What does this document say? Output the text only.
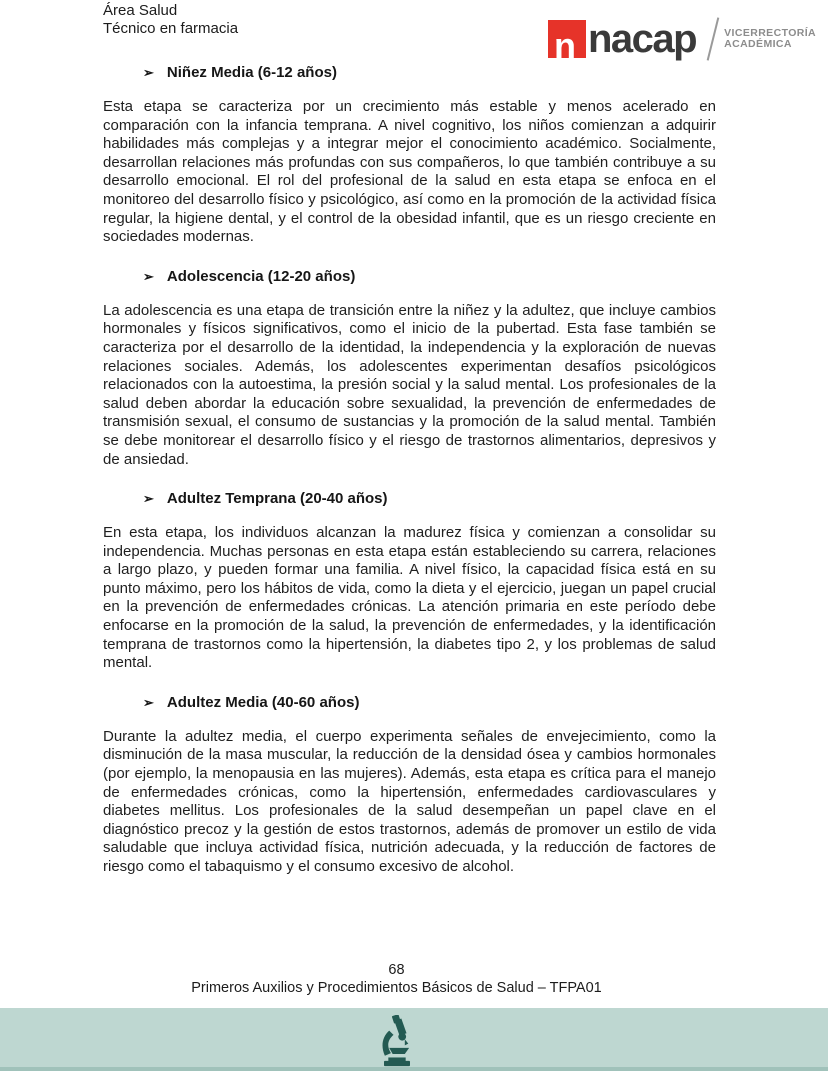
Área Salud
Técnico en farmacia	n nacap	VICERRECTORÍA
ACADÉMICA
➢ Niñez Media (6-12 años)

Esta etapa se caracteriza por un crecimiento más estable y menos acelerado en comparación con la infancia temprana. A nivel cognitivo, los niños comienzan a adquirir habilidades más complejas y a integrar mejor el conocimiento académico. Socialmente, desarrollan relaciones más profundas con sus compañeros, lo que también contribuye a su desarrollo emocional. El rol del profesional de la salud en esta etapa se enfoca en el monitoreo del desarrollo físico y psicológico, así como en la promoción de la actividad física regular, la higiene dental, y el control de la obesidad infantil, que es un riesgo creciente en sociedades modernas.

➢ Adolescencia (12-20 años)

La adolescencia es una etapa de transición entre la niñez y la adultez, que incluye cambios hormonales y físicos significativos, como el inicio de la pubertad. Esta fase también se caracteriza por el desarrollo de la identidad, la independencia y la exploración de nuevas relaciones sociales. Además, los adolescentes experimentan desafíos psicológicos relacionados con la autoestima, la presión social y la salud mental. Los profesionales de la salud deben abordar la educación sobre sexualidad, la prevención de enfermedades de transmisión sexual, el consumo de sustancias y la promoción de la salud mental. También se debe monitorear el desarrollo físico y el riesgo de trastornos alimentarios, depresivos y de ansiedad.

➢ Adultez Temprana (20-40 años)

En esta etapa, los individuos alcanzan la madurez física y comienzan a consolidar su independencia. Muchas personas en esta etapa están estableciendo su carrera, relaciones a largo plazo, y pueden formar una familia. A nivel físico, la capacidad física está en su punto máximo, pero los hábitos de vida, como la dieta y el ejercicio, juegan un papel crucial en la prevención de enfermedades crónicas. La atención primaria en este período debe enfocarse en la promoción de la salud, la prevención de enfermedades, y la identificación temprana de trastornos como la hipertensión, la diabetes tipo 2, y los problemas de salud mental.

➢ Adultez Media (40-60 años)

Durante la adultez media, el cuerpo experimenta señales de envejecimiento, como la disminución de la masa muscular, la reducción de la densidad ósea y cambios hormonales (por ejemplo, la menopausia en las mujeres). Además, esta etapa es crítica para el manejo de enfermedades crónicas, como la hipertensión, enfermedades cardiovasculares y diabetes mellitus. Los profesionales de la salud desempeñan un papel clave en el diagnóstico precoz y la gestión de estos trastornos, además de promover un estilo de vida saludable que incluya actividad física, nutrición adecuada, y la reducción de factores de riesgo como el tabaquismo y el consumo excesivo de alcohol.

68
Primeros Auxilios y Procedimientos Básicos de Salud – TFPA01
